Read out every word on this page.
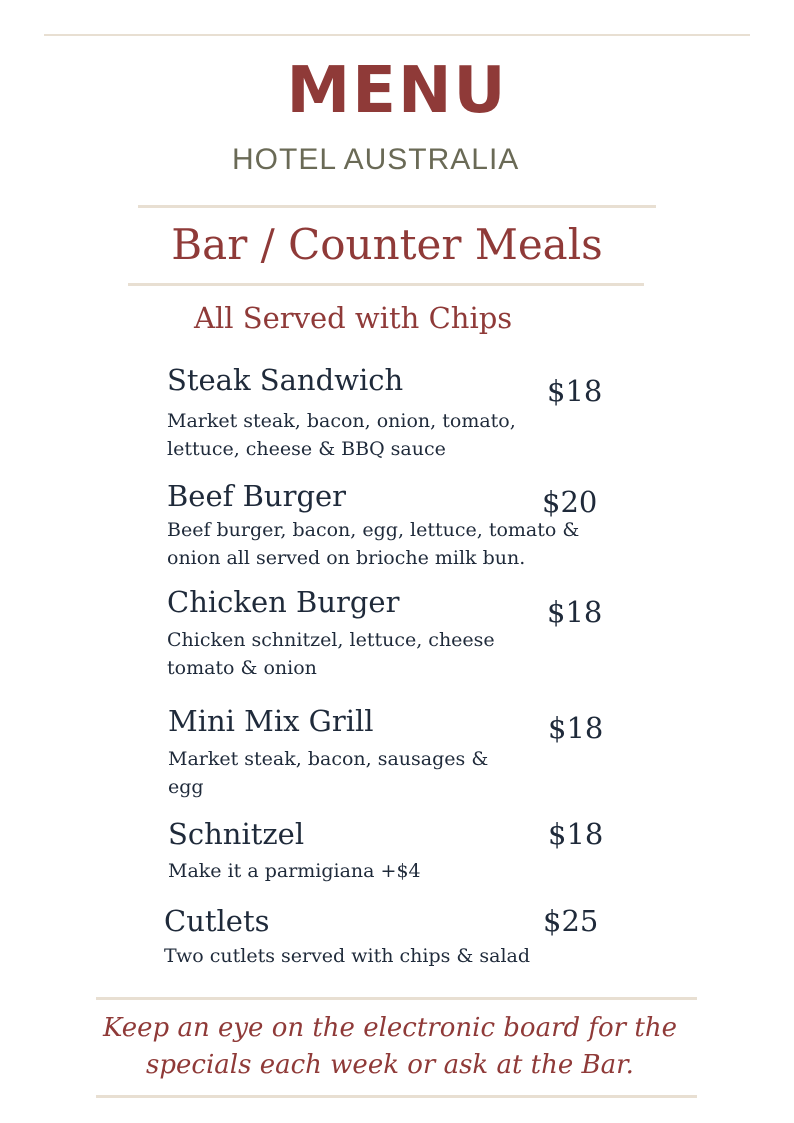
MENU
HOTEL AUSTRALIA
Bar / Counter Meals
All Served with Chips
Steak Sandwich	$18
Market steak, bacon, onion, tomato, lettuce, cheese & BBQ sauce
Beef Burger	$20
Beef burger, bacon, egg, lettuce, tomato & onion all served on brioche milk bun.
Chicken Burger	$18
Chicken schnitzel, lettuce, cheese tomato & onion
Mini Mix Grill	$18
Market steak, bacon, sausages & egg
Schnitzel	$18
Make it a parmigiana +$4
Cutlets	$25
Two cutlets served with chips & salad
Keep an eye on the electronic board for the specials each week or ask at the Bar.
